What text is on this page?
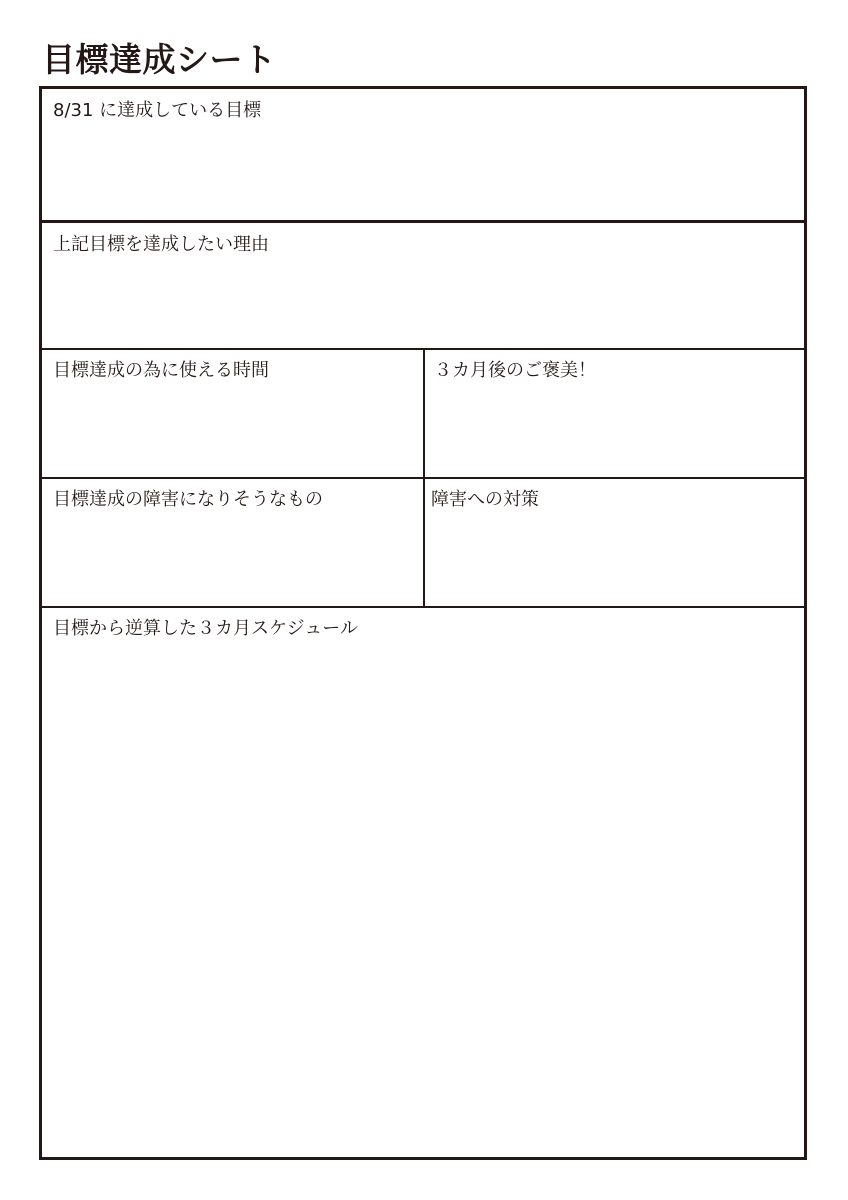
目標達成シート
8/31 に達成している目標
上記目標を達成したい理由
目標達成の為に使える時間	３カ月後のご褒美！
目標達成の障害になりそうなもの	障害への対策
目標から逆算した３カ月スケジュール
